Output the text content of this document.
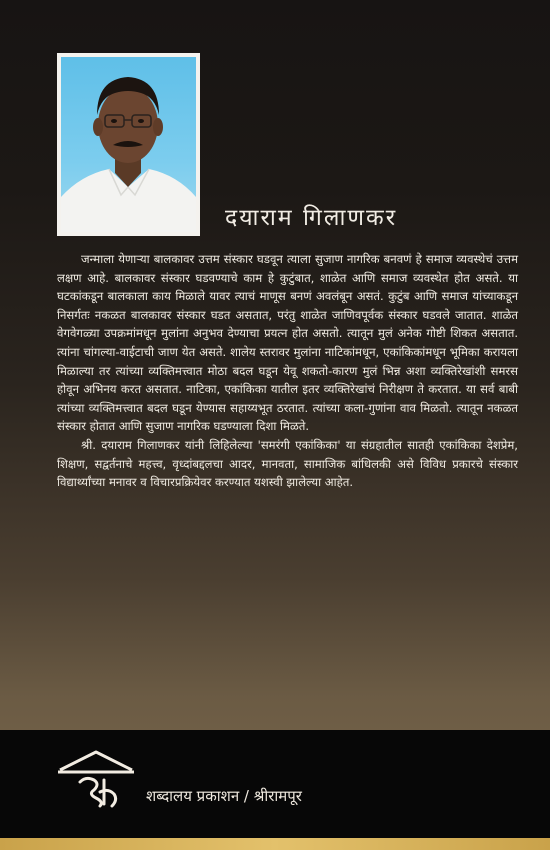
दयाराम गिलाणकर

जन्माला येणाऱ्या बालकावर उत्तम संस्कार घडवून त्याला सुजाण नागरिक बनवणं हे समाज व्यवस्थेचं उत्तम लक्षण आहे. बालकावर संस्कार घडवण्याचे काम हे कुटुंबात, शाळेत आणि समाज व्यवस्थेत होत असते. या घटकांकडून बालकाला काय मिळाले यावर त्याचं माणूस बनणं अवलंबून असतं. कुटुंब आणि समाज यांच्याकडून निसर्गतः नकळत बालकावर संस्कार घडत असतात, परंतु शाळेत जाणिवपूर्वक संस्कार घडवले जातात. शाळेत वेगवेगळ्या उपक्रमांमधून मुलांना अनुभव देण्याचा प्रयत्न होत असतो. त्यातून मुलं अनेक गोष्टी शिकत असतात. त्यांना चांगल्या-वाईटाची जाण येत असते. शालेय स्तरावर मुलांना नाटिकांमधून, एकांकिकांमधून भूमिका करायला मिळाल्या तर त्यांच्या व्यक्तिमत्त्वात मोठा बदल घडून येवू शकतो-कारण मुलं भिन्न अशा व्यक्तिरेखांशी समरस होवून अभिनय करत असतात. नाटिका, एकांकिका यातील इतर व्यक्तिरेखांचं निरीक्षण ते करतात. या सर्व बाबी त्यांच्या व्यक्तिमत्त्वात बदल घडून येण्यास सहाय्यभूत ठरतात. त्यांच्या कला-गुणांना वाव मिळतो. त्यातून नकळत संस्कार होतात आणि सुजाण नागरिक घडण्याला दिशा मिळते.

श्री. दयाराम गिलाणकर यांनी लिहिलेल्या 'समरंगी एकांकिका' या संग्रहातील सातही एकांकिका देशप्रेम, शिक्षण, सद्वर्तनाचे महत्त्व, वृध्दांबद्दलचा आदर, मानवता, सामाजिक बांधिलकी असे विविध प्रकारचे संस्कार विद्यार्थ्यांच्या मनावर व विचारप्रक्रियेवर करण्यात यशस्वी झालेल्या आहेत.

शब्दालय प्रकाशन / श्रीरामपूर
